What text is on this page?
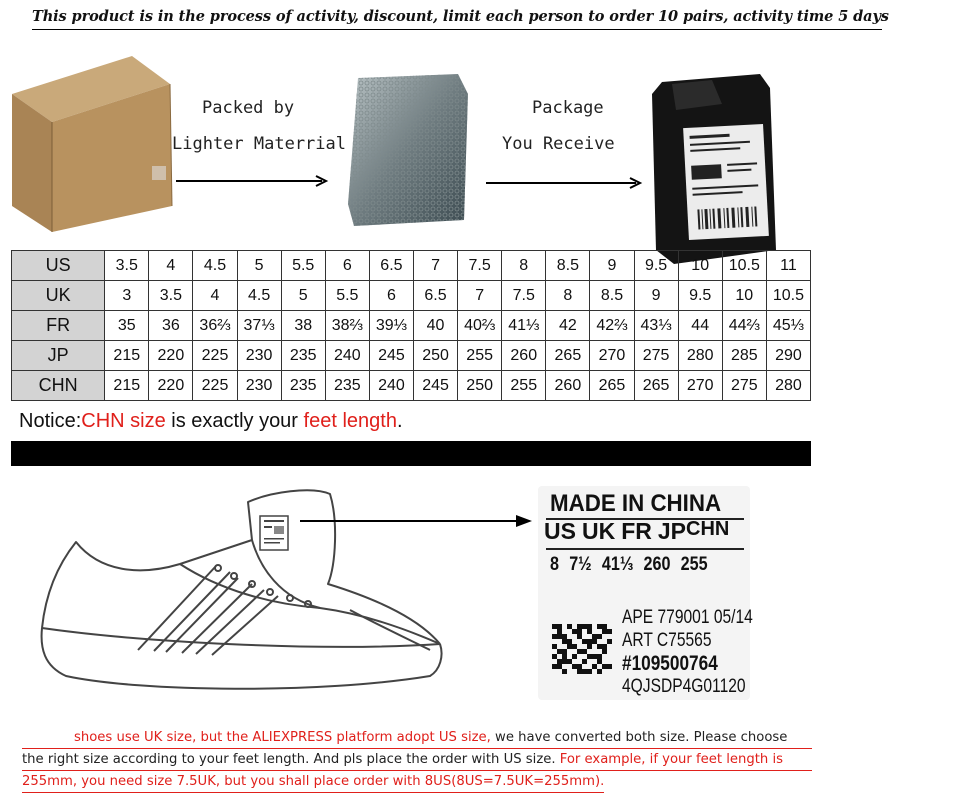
This product is in the process of activity, discount, limit each person to order 10 pairs, activity time 5 days
Packed by
Lighter Materrial
Package
You Receive
US	3.5	4	4.5	5	5.5	6	6.5	7	7.5	8	8.5	9	9.5	10	10.5	11
UK	3	3.5	4	4.5	5	5.5	6	6.5	7	7.5	8	8.5	9	9.5	10	10.5
FR	35	36	36⅔	37⅓	38	38⅔	39⅓	40	40⅔	41⅓	42	42⅔	43⅓	44	44⅔	45⅓
JP	215	220	225	230	235	240	245	250	255	260	265	270	275	280	285	290
CHN	215	220	225	230	235	235	240	245	250	255	260	265	265	270	275	280
Notice:CHN size is exactly your feet length.
MADE IN CHINA
US UK FR JP CHN
8 7½ 41⅓ 260 255
APE 779001 05/14
ART C75565
#109500764
4QJSDP4G01120
shoes use UK size, but the ALIEXPRESS platform adopt US size, we have converted both size. Please choose
the right size according to your feet length. And pls place the order with US size. For example, if your feet length is
255mm, you need size 7.5UK, but you shall place order with 8US(8US=7.5UK=255mm).
